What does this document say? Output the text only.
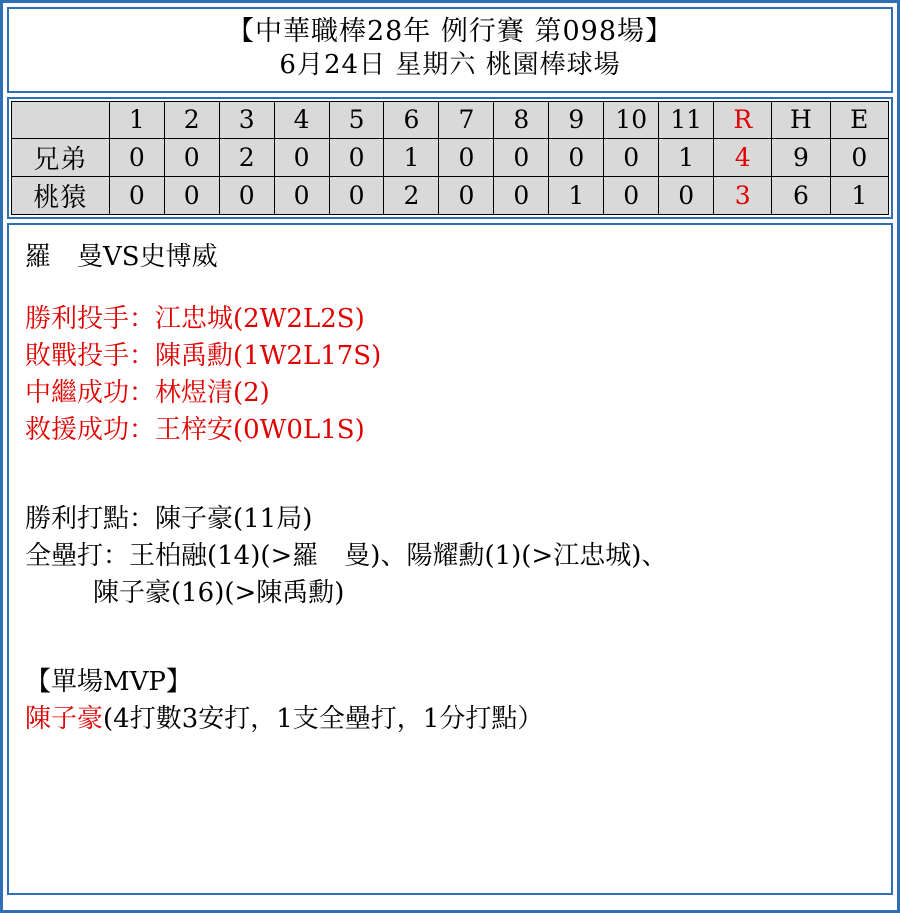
【中華職棒28年 例行賽 第098場】
6月24日 星期六 桃園棒球場
	1	2	3	4	5	6	7	8	9	10	11	R	H	E
兄弟	0	0	2	0	0	1	0	0	0	0	1	4	9	0
桃猿	0	0	0	0	0	2	0	0	1	0	0	3	6	1
羅　曼VS史博威
勝利投手：江忠城(2W2L2S)
敗戰投手：陳禹勳(1W2L17S)
中繼成功：林煜清(2)
救援成功：王梓安(0W0L1S)
勝利打點：陳子豪(11局)
全壘打：王柏融(14)(>羅　曼)、陽耀勳(1)(>江忠城)、
陳子豪(16)(>陳禹勳)
【單場MVP】
陳子豪(4打數3安打，1支全壘打，1分打點）
